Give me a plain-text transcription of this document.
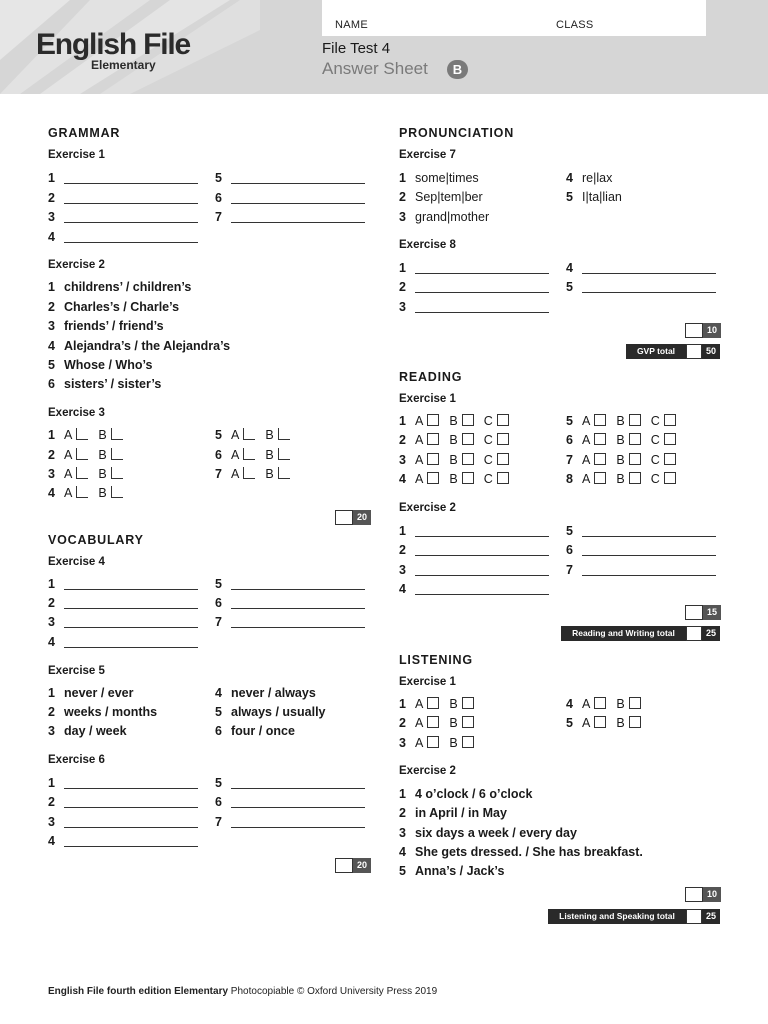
English File
Elementary
NAME	CLASS
File Test 4
Answer Sheet	B
GRAMMAR
Exercise 1
1
2
3
4
5
6
7
Exercise 2
1 childrens’ / children’s
2 Charles’s / Charle’s
3 friends’ / friend’s
4 Alejandra’s / the Alejandra’s
5 Whose / Who’s
6 sisters’ / sister’s
Exercise 3
1 A B
2 A B
3 A B
4 A B
5 A B
6 A B
7 A B
20
VOCABULARY
Exercise 4
1
2
3
4
5
6
7
Exercise 5
1 never / ever
2 weeks / months
3 day / week
4 never / always
5 always / usually
6 four / once
Exercise 6
1
2
3
4
5
6
7
20
PRONUNCIATION
Exercise 7
1 some|times
2 Sep|tem|ber
3 grand|mother
4 re|lax
5 I|ta|lian
Exercise 8
1
2
3
4
5
10
GVP total	50
READING
Exercise 1
1 A B C
2 A B C
3 A B C
4 A B C
5 A B C
6 A B C
7 A B C
8 A B C
Exercise 2
1
2
3
4
5
6
7
15
Reading and Writing total	25
LISTENING
Exercise 1
1 A B
2 A B
3 A B
4 A B
5 A B
Exercise 2
1 4 o’clock / 6 o’clock
2 in April / in May
3 six days a week / every day
4 She gets dressed. / She has breakfast.
5 Anna’s / Jack’s
10
Listening and Speaking total	25
English File fourth edition Elementary Photocopiable © Oxford University Press 2019
